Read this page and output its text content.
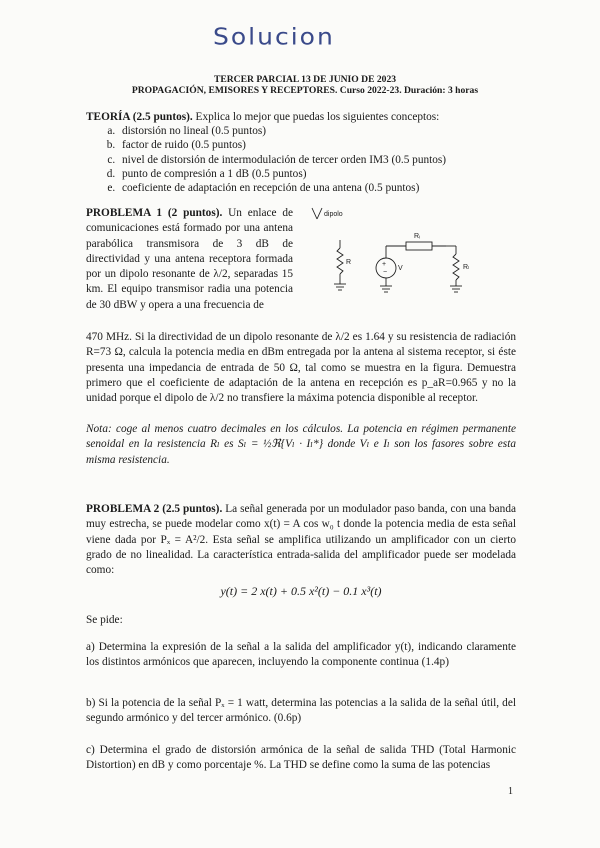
Solucion
TERCER PARCIAL 13 DE JUNIO DE 2023
PROPAGACIÓN, EMISORES Y RECEPTORES. Curso 2022-23. Duración: 3 horas
TEORÍA (2.5 puntos). Explica lo mejor que puedas los siguientes conceptos:
a. distorsión no lineal (0.5 puntos)
b. factor de ruido (0.5 puntos)
c. nivel de distorsión de intermodulación de tercer orden IM3 (0.5 puntos)
d. punto de compresión a 1 dB (0.5 puntos)
e. coeficiente de adaptación en recepción de una antena (0.5 puntos)
PROBLEMA 1 (2 puntos). Un enlace de comunicaciones está formado por una antena parabólica transmisora de 3 dB de directividad y una antena receptora formada por un dipolo resonante de λ/2, separadas 15 km. El equipo transmisor radia una potencia de 30 dBW y opera a una frecuencia de
dipolo
R	+
−
V
Rᵢ
Rₗ
470 MHz. Si la directividad de un dipolo resonante de λ/2 es 1.64 y su resistencia de radiación R=73 Ω, calcula la potencia media en dBm entregada por la antena al sistema receptor, si éste presenta una impedancia de entrada de 50 Ω, tal como se muestra en la figura. Demuestra primero que el coeficiente de adaptación de la antena en recepción es p_aR=0.965 y no la unidad porque el dipolo de λ/2 no transfiere la máxima potencia disponible al receptor.
Nota: coge al menos cuatro decimales en los cálculos. La potencia en régimen permanente senoidal en la resistencia Rₗ es Sₗ = ½ℜ{Vₗ · Iₗ*} donde Vₗ e Iₗ son los fasores sobre esta misma resistencia.
PROBLEMA 2 (2.5 puntos). La señal generada por un modulador paso banda, con una banda muy estrecha, se puede modelar como x(t) = A cos w₀ t donde la potencia media de esta señal viene dada por Pₓ = A²/2. Esta señal se amplifica utilizando un amplificador con un cierto grado de no linealidad. La característica entrada-salida del amplificador puede ser modelada como:
y(t) = 2 x(t) + 0.5 x²(t) − 0.1 x³(t)
Se pide:
a) Determina la expresión de la señal a la salida del amplificador y(t), indicando claramente los distintos armónicos que aparecen, incluyendo la componente continua (1.4p)
b) Si la potencia de la señal Pₓ = 1 watt, determina las potencias a la salida de la señal útil, del segundo armónico y del tercer armónico. (0.6p)
c) Determina el grado de distorsión armónica de la señal de salida THD (Total Harmonic Distortion) en dB y como porcentaje %. La THD se define como la suma de las potencias
1
